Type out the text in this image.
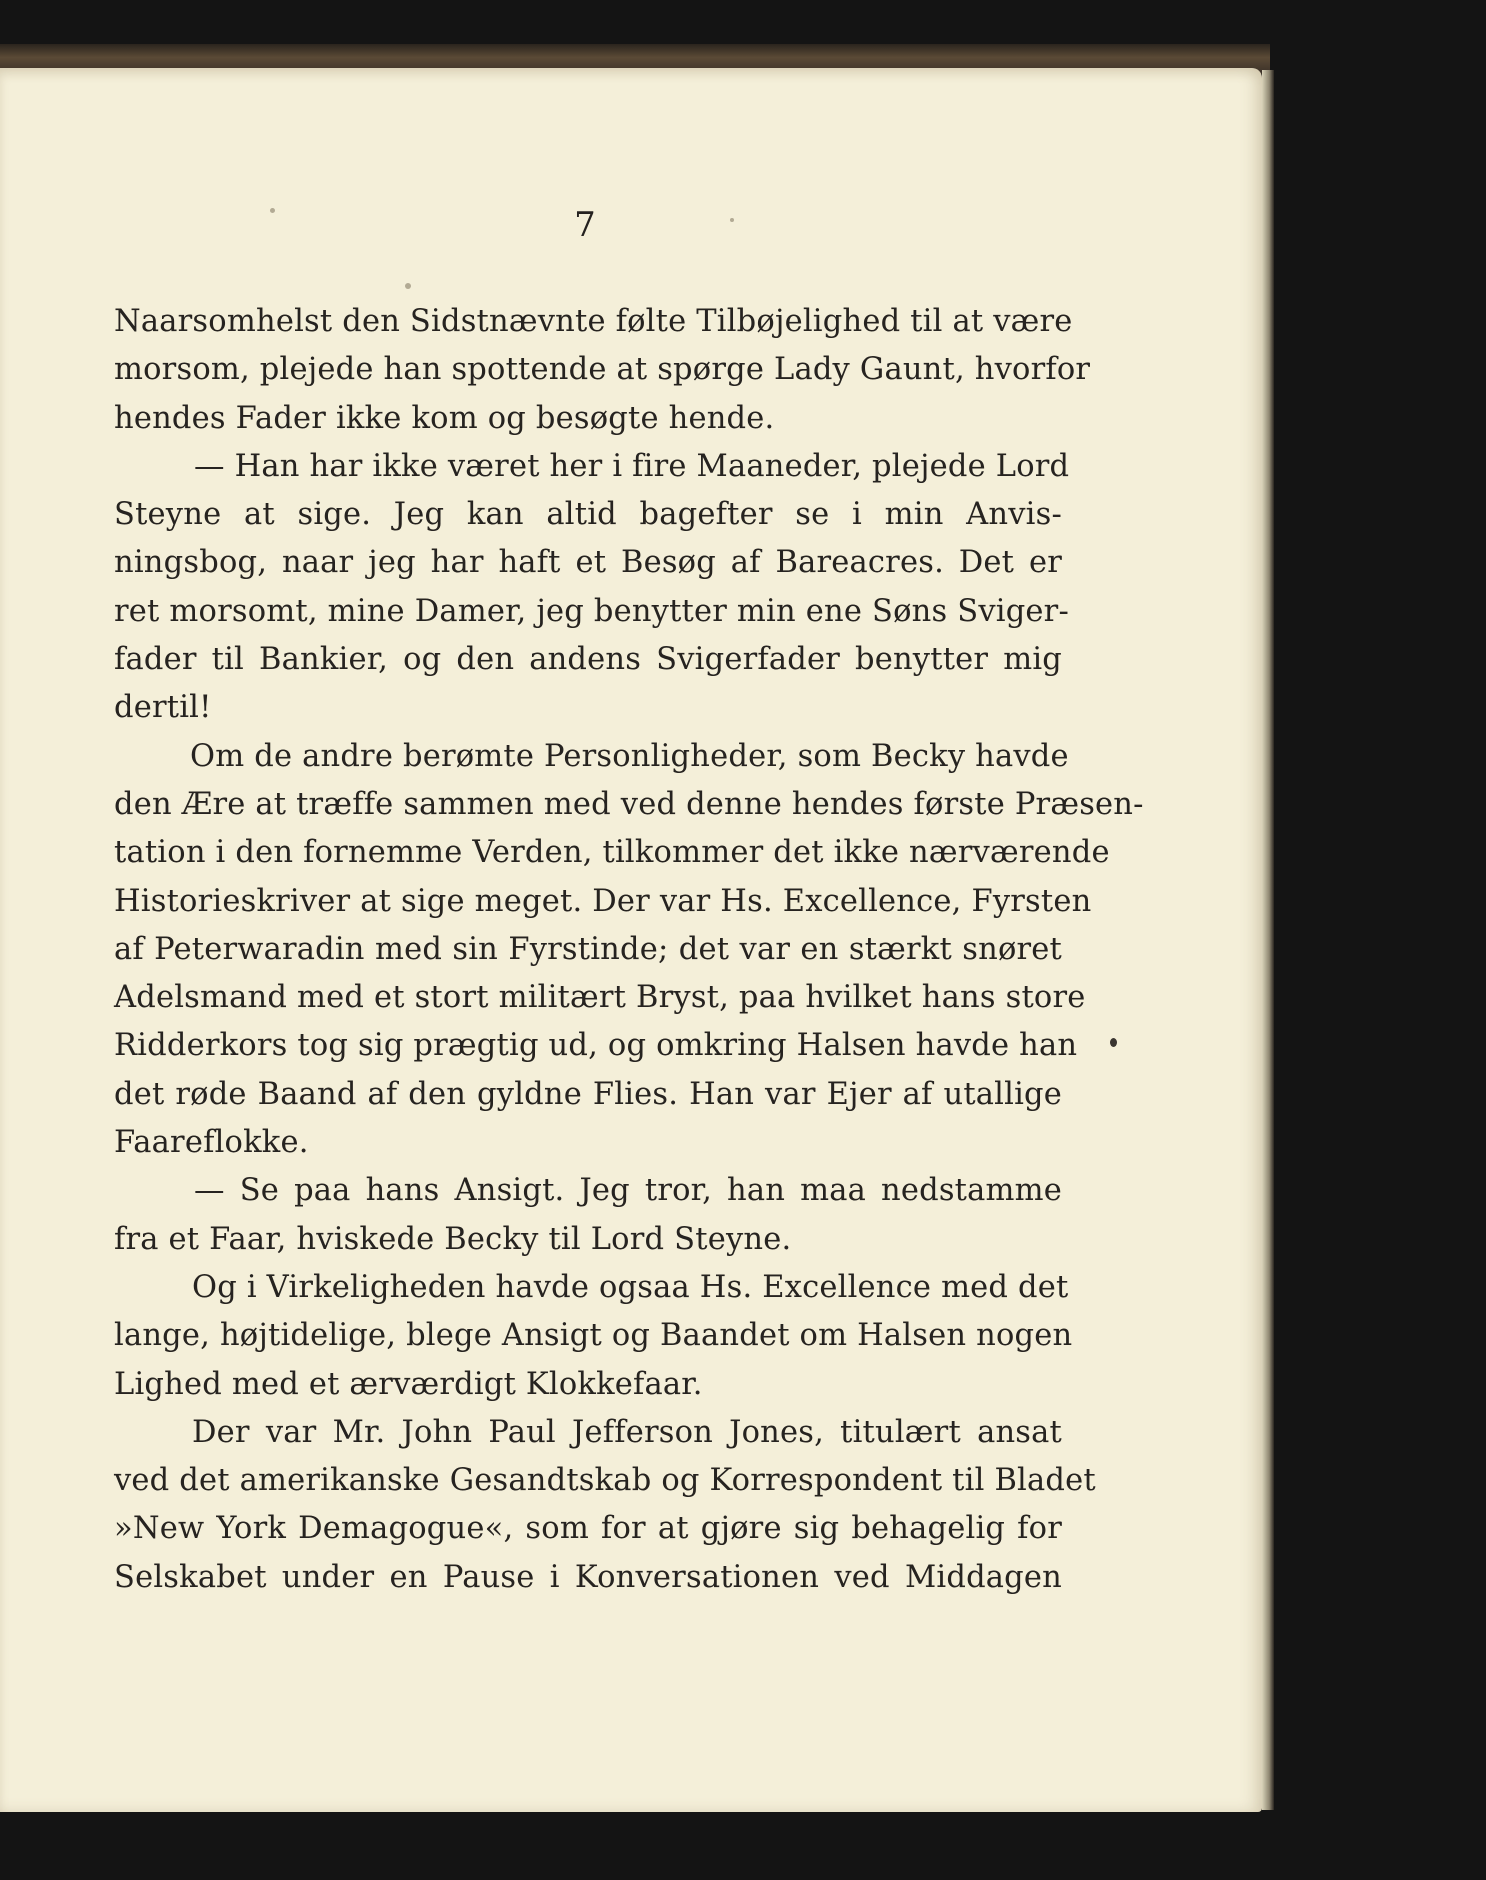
7
Naarsomhelst den Sidstnævnte følte Tilbøjelighed til at være
morsom, plejede han spottende at spørge Lady Gaunt, hvorfor
hendes Fader ikke kom og besøgte hende.
— Han har ikke været her i fire Maaneder, plejede Lord
Steyne at sige. Jeg kan altid bagefter se i min Anvis-
ningsbog, naar jeg har haft et Besøg af Bareacres. Det er
ret morsomt, mine Damer, jeg benytter min ene Søns Sviger-
fader til Bankier, og den andens Svigerfader benytter mig
dertil!
Om de andre berømte Personligheder, som Becky havde
den Ære at træffe sammen med ved denne hendes første Præsen-
tation i den fornemme Verden, tilkommer det ikke nærværende
Historieskriver at sige meget. Der var Hs. Excellence, Fyrsten
af Peterwaradin med sin Fyrstinde; det var en stærkt snøret
Adelsmand med et stort militært Bryst, paa hvilket hans store
Ridderkors tog sig prægtig ud, og omkring Halsen havde han
det røde Baand af den gyldne Flies. Han var Ejer af utallige
Faareflokke.
— Se paa hans Ansigt. Jeg tror, han maa nedstamme
fra et Faar, hviskede Becky til Lord Steyne.
Og i Virkeligheden havde ogsaa Hs. Excellence med det
lange, højtidelige, blege Ansigt og Baandet om Halsen nogen
Lighed med et ærværdigt Klokkefaar.
Der var Mr. John Paul Jefferson Jones, titulært ansat
ved det amerikanske Gesandtskab og Korrespondent til Bladet
»New York Demagogue«, som for at gjøre sig behagelig for
Selskabet under en Pause i Konversationen ved Middagen
